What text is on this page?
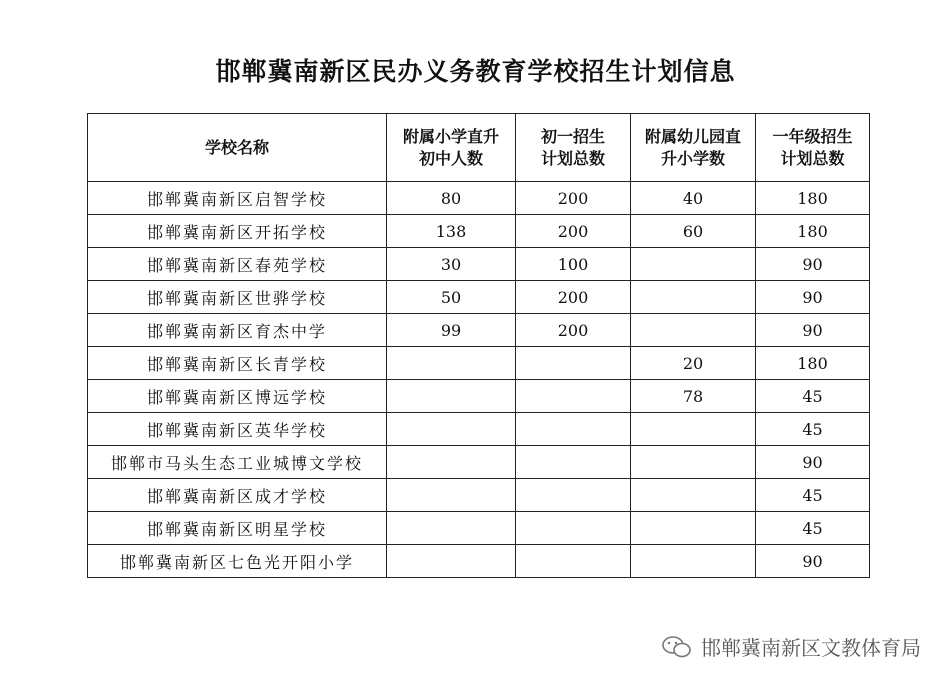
邯郸冀南新区民办义务教育学校招生计划信息
学校名称	附属小学直升初中人数	初一招生计划总数	附属幼儿园直升小学数	一年级招生计划总数
邯郸冀南新区启智学校	80	200	40	180
邯郸冀南新区开拓学校	138	200	60	180
邯郸冀南新区春苑学校	30	100		90
邯郸冀南新区世骅学校	50	200		90
邯郸冀南新区育杰中学	99	200		90
邯郸冀南新区长青学校			20	180
邯郸冀南新区博远学校			78	45
邯郸冀南新区英华学校				45
邯郸市马头生态工业城博文学校				90
邯郸冀南新区成才学校				45
邯郸冀南新区明星学校				45
邯郸冀南新区七色光开阳小学				90
邯郸冀南新区文教体育局
